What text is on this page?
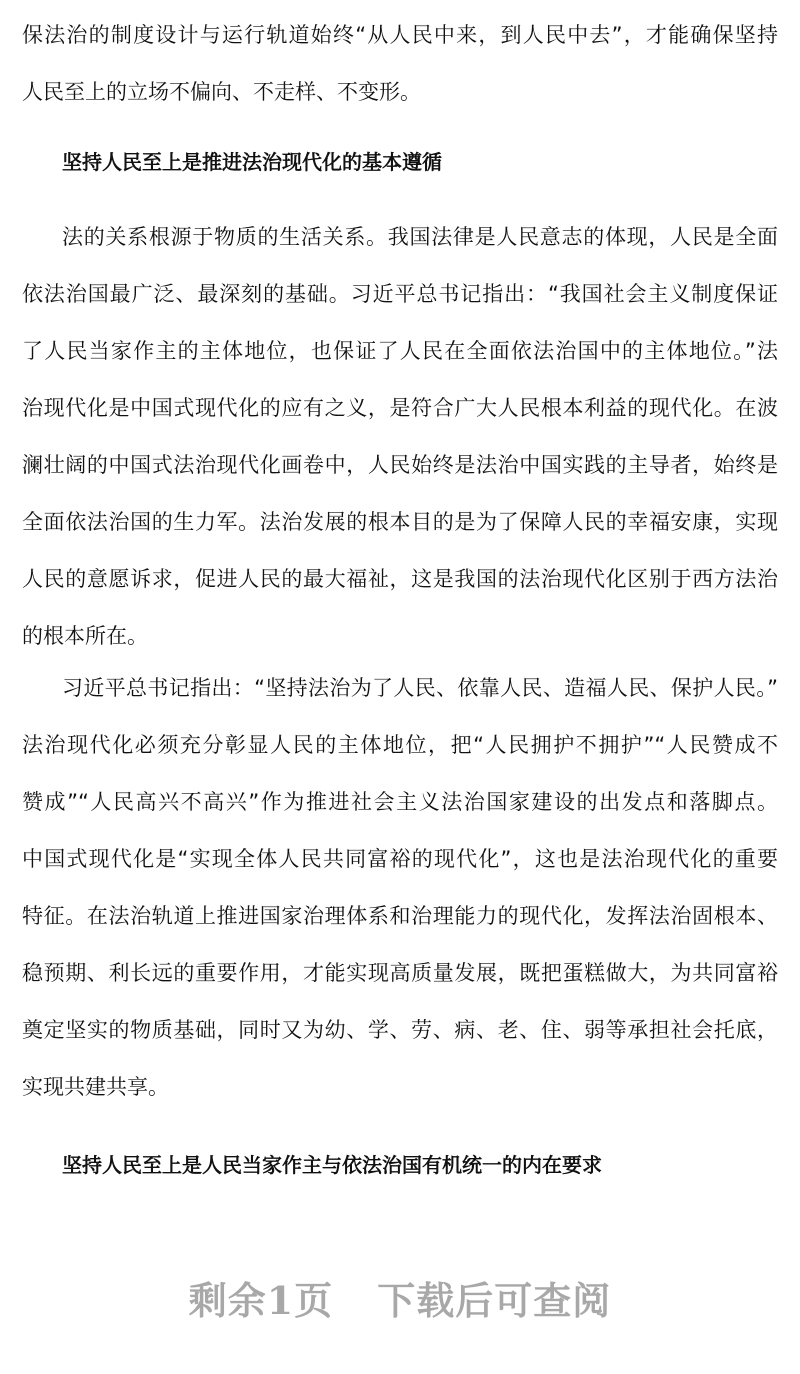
保法治的制度设计与运行轨道始终“从人民中来，到人民中去”，才能确保坚持
人民至上的立场不偏向、不走样、不变形。
坚持人民至上是推进法治现代化的基本遵循
法的关系根源于物质的生活关系。我国法律是人民意志的体现，人民是全面
依法治国最广泛、最深刻的基础。习近平总书记指出：“我国社会主义制度保证
了人民当家作主的主体地位，也保证了人民在全面依法治国中的主体地位。”法
治现代化是中国式现代化的应有之义，是符合广大人民根本利益的现代化。在波
澜壮阔的中国式法治现代化画卷中，人民始终是法治中国实践的主导者，始终是
全面依法治国的生力军。法治发展的根本目的是为了保障人民的幸福安康，实现
人民的意愿诉求，促进人民的最大福祉，这是我国的法治现代化区别于西方法治
的根本所在。
习近平总书记指出：“坚持法治为了人民、依靠人民、造福人民、保护人民。”
法治现代化必须充分彰显人民的主体地位，把“人民拥护不拥护”“人民赞成不
赞成”“人民高兴不高兴”作为推进社会主义法治国家建设的出发点和落脚点。
中国式现代化是“实现全体人民共同富裕的现代化”，这也是法治现代化的重要
特征。在法治轨道上推进国家治理体系和治理能力的现代化，发挥法治固根本、
稳预期、利长远的重要作用，才能实现高质量发展，既把蛋糕做大，为共同富裕
奠定坚实的物质基础，同时又为幼、学、劳、病、老、住、弱等承担社会托底，
实现共建共享。
坚持人民至上是人民当家作主与依法治国有机统一的内在要求
剩余1页 下载后可查阅
